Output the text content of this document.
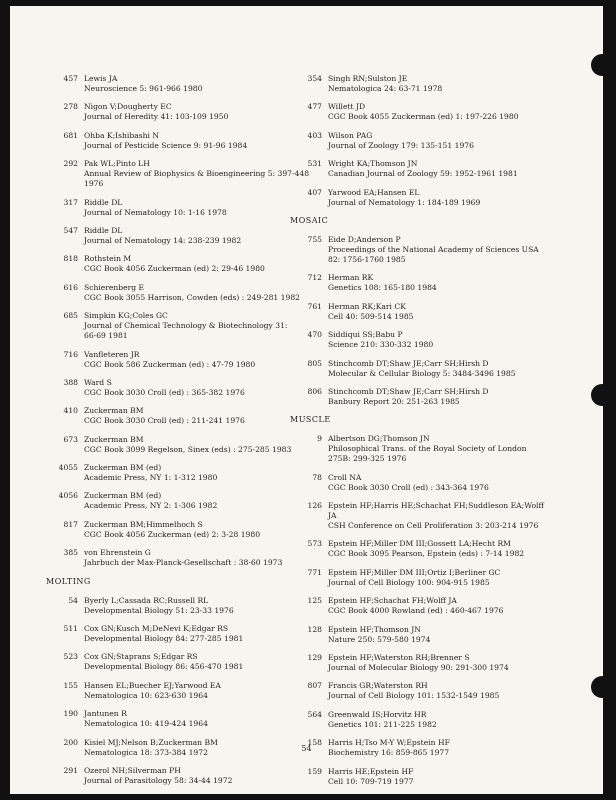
457 Lewis JA
Neuroscience 5: 961-966 1980
278 Nigon V;Dougherty EC
Journal of Heredity 41: 103-109 1950
681 Ohba K;Ishibashi N
Journal of Pesticide Science 9: 91-96 1984
292 Pak WL;Pinto LH
Annual Review of Biophysics & Bioengineering 5: 397-448
1976
317 Riddle DL
Journal of Nematology 10: 1-16 1978
547 Riddle DL
Journal of Nematology 14: 238-239 1982
818 Rothstein M
CGC Book 4056 Zuckerman (ed) 2: 29-46 1980
616 Schierenberg E
CGC Book 3055 Harrison, Cowden (eds) : 249-281 1982
685 Simpkin KG;Coles GC
Journal of Chemical Technology & Biotechnology 31:
66-69 1981
716 Vanfleteren JR
CGC Book 586 Zuckerman (ed) : 47-79 1980
388 Ward S
CGC Book 3030 Croll (ed) : 365-382 1976
410 Zuckerman BM
CGC Book 3030 Croll (ed) : 211-241 1976
673 Zuckerman BM
CGC Book 3099 Regelson, Sinex (eds) : 275-285 1983
4055 Zuckerman BM (ed)
Academic Press, NY 1: 1-312 1980
4056 Zuckerman BM (ed)
Academic Press, NY 2: 1-306 1982
817 Zuckerman BM;Himmelhoch S
CGC Book 4056 Zuckerman (ed) 2: 3-28 1980
385 von Ehrenstein G
Jahrbuch der Max-Planck-Gesellschaft : 38-60 1973
MOLTING
54 Byerly L;Cassada RC;Russell RL
Developmental Biology 51: 23-33 1976
511 Cox GN;Kusch M;DeNevi K;Edgar RS
Developmental Biology 84: 277-285 1981
523 Cox GN;Staprans S;Edgar RS
Developmental Biology 86: 456-470 1981
155 Hansen EL;Buecher EJ;Yarwood EA
Nematologica 10: 623-630 1964
190 Jantunen R
Nematologica 10: 419-424 1964
200 Kisiel MJ;Nelson B;Zuckerman BM
Nematologica 18: 373-384 1972
291 Ozerol NH;Silverman PH
Journal of Parasitology 58: 34-44 1972
354 Singh RN;Sulston JE
Nematologica 24: 63-71 1978
477 Willett JD
CGC Book 4055 Zuckerman (ed) 1: 197-226 1980
403 Wilson PAG
Journal of Zoology 179: 135-151 1976
531 Wright KA;Thomson JN
Canadian Journal of Zoology 59: 1952-1961 1981
407 Yarwood EA;Hansen EL
Journal of Nematology 1: 184-189 1969
MOSAIC
755 Eide D;Anderson P
Proceedings of the National Academy of Sciences USA
82: 1756-1760 1985
712 Herman RK
Genetics 108: 165-180 1984
761 Herman RK;Kari CK
Cell 40: 509-514 1985
470 Siddiqui SS;Babu P
Science 210: 330-332 1980
805 Stinchcomb DT;Shaw JE;Carr SH;Hirsh D
Molecular & Cellular Biology 5: 3484-3496 1985
806 Stinchcomb DT;Shaw JE;Carr SH;Hirsh D
Banbury Report 20: 251-263 1985
MUSCLE
9 Albertson DG;Thomson JN
Philosophical Trans. of the Royal Society of London
275B: 299-325 1976
78 Croll NA
CGC Book 3030 Croll (ed) : 343-364 1976
126 Epstein HF;Harris HE;Schachat FH;Suddleson EA;Wolff
JA
CSH Conference on Cell Proliferation 3: 203-214 1976
573 Epstein HF;Miller DM III;Gossett LA;Hecht RM
CGC Book 3095 Pearson, Epstein (eds) : 7-14 1982
771 Epstein HF;Miller DM III;Ortiz I;Berliner GC
Journal of Cell Biology 100: 904-915 1985
125 Epstein HF;Schachat FH;Wolff JA
CGC Book 4000 Rowland (ed) : 460-467 1976
128 Epstein HF;Thomson JN
Nature 250: 579-580 1974
129 Epstein HF;Waterston RH;Brenner S
Journal of Molecular Biology 90: 291-300 1974
807 Francis GR;Waterston RH
Journal of Cell Biology 101: 1532-1549 1985
564 Greenwald IS;Horvitz HR
Genetics 101: 211-225 1982
158 Harris H;Tso M-Y W;Epstein HF
Biochemistry 16: 859-865 1977
159 Harris HE;Epstein HF
Cell 10: 709-719 1977
54
